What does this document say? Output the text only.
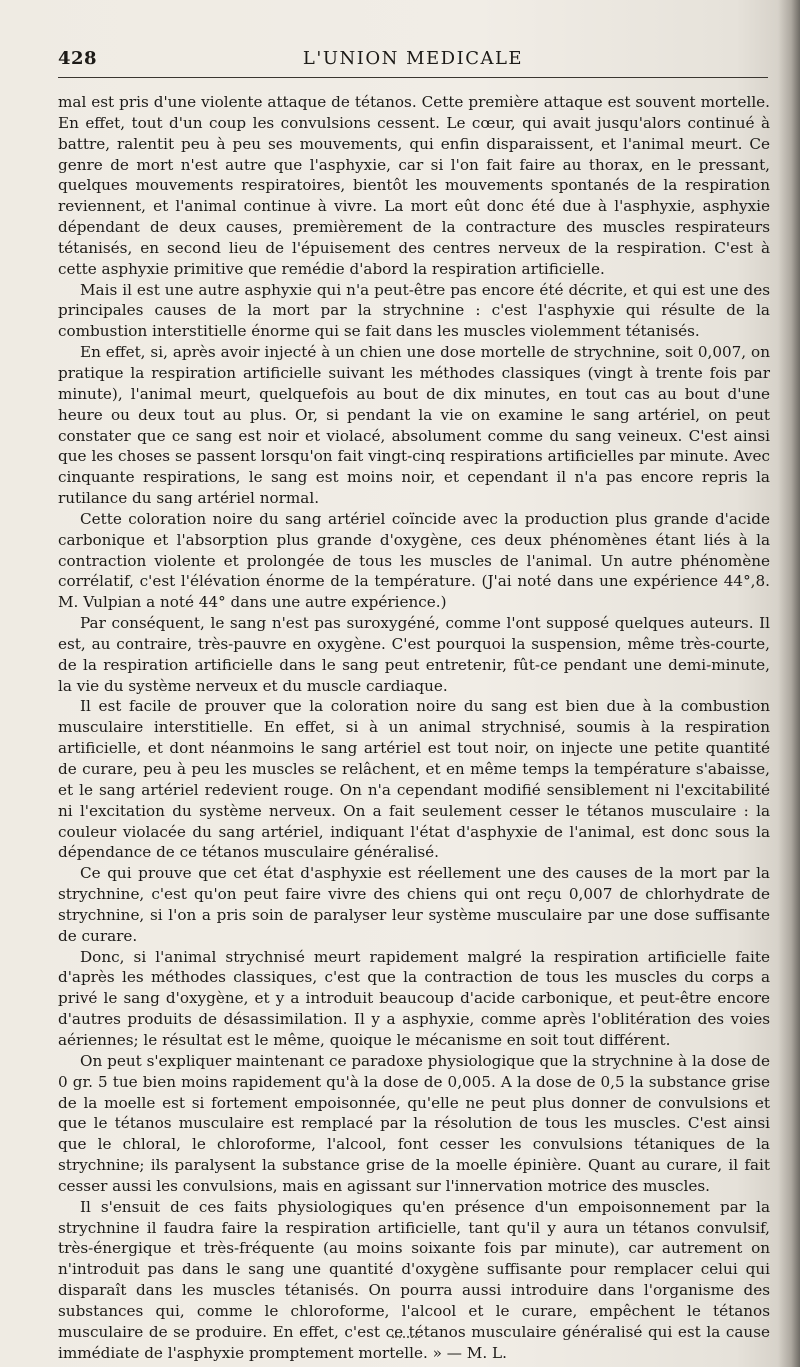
428	L'UNION MEDICALE

mal est pris d'une violente attaque de tétanos. Cette première attaque est souvent mortelle. En effet, tout d'un coup les convulsions cessent. Le cœur, qui avait jusqu'alors continué à battre, ralentit peu à peu ses mouvements, qui enfin disparaissent, et l'animal meurt. Ce genre de mort n'est autre que l'asphyxie, car si l'on fait faire au thorax, en le pressant, quelques mouvements respiratoires, bientôt les mouvements spontanés de la respiration reviennent, et l'animal continue à vivre. La mort eût donc été due à l'asphyxie, asphyxie dépendant de deux causes, premièrement de la contracture des muscles respirateurs tétanisés, en second lieu de l'épuisement des centres nerveux de la respiration. C'est à cette asphyxie primitive que remédie d'abord la respiration artificielle.

Mais il est une autre asphyxie qui n'a peut-être pas encore été décrite, et qui est une des principales causes de la mort par la strychnine : c'est l'asphyxie qui résulte de la combustion interstitielle énorme qui se fait dans les muscles violemment tétanisés.

En effet, si, après avoir injecté à un chien une dose mortelle de strychnine, soit 0,007, on pratique la respiration artificielle suivant les méthodes classiques (vingt à trente fois par minute), l'animal meurt, quelquefois au bout de dix minutes, en tout cas au bout d'une heure ou deux tout au plus. Or, si pendant la vie on examine le sang artériel, on peut constater que ce sang est noir et violacé, absolument comme du sang veineux. C'est ainsi que les choses se passent lorsqu'on fait vingt-cinq respirations artificielles par minute. Avec cinquante respirations, le sang est moins noir, et cependant il n'a pas encore repris la rutilance du sang artériel normal.

Cette coloration noire du sang artériel coïncide avec la production plus grande d'acide carbonique et l'absorption plus grande d'oxygène, ces deux phénomènes étant liés à la contraction violente et prolongée de tous les muscles de l'animal. Un autre phénomène corrélatif, c'est l'élévation énorme de la température. (J'ai noté dans une expérience 44°,8. M. Vulpian a noté 44° dans une autre expérience.)

Par conséquent, le sang n'est pas suroxygéné, comme l'ont supposé quelques auteurs. Il est, au contraire, très-pauvre en oxygène. C'est pourquoi la suspension, même très-courte, de la respiration artificielle dans le sang peut entretenir, fût-ce pendant une demi-minute, la vie du système nerveux et du muscle cardiaque.

Il est facile de prouver que la coloration noire du sang est bien due à la combustion musculaire interstitielle. En effet, si à un animal strychnisé, soumis à la respiration artificielle, et dont néanmoins le sang artériel est tout noir, on injecte une petite quantité de curare, peu à peu les muscles se relâchent, et en même temps la température s'abaisse, et le sang artériel redevient rouge. On n'a cependant modifié sensiblement ni l'excitabilité ni l'excitation du système nerveux. On a fait seulement cesser le tétanos musculaire : la couleur violacée du sang artériel, indiquant l'état d'asphyxie de l'animal, est donc sous la dépendance de ce tétanos musculaire généralisé.

Ce qui prouve que cet état d'asphyxie est réellement une des causes de la mort par la strychnine, c'est qu'on peut faire vivre des chiens qui ont reçu 0,007 de chlorhydrate de strychnine, si l'on a pris soin de paralyser leur système musculaire par une dose suffisante de curare.

Donc, si l'animal strychnisé meurt rapidement malgré la respiration artificielle faite d'après les méthodes classiques, c'est que la contraction de tous les muscles du corps a privé le sang d'oxygène, et y a introduit beaucoup d'acide carbonique, et peut-être encore d'autres produits de désassimilation. Il y a asphyxie, comme après l'oblitération des voies aériennes; le résultat est le même, quoique le mécanisme en soit tout différent.

On peut s'expliquer maintenant ce paradoxe physiologique que la strychnine à la dose de 0 gr. 5 tue bien moins rapidement qu'à la dose de 0,005. A la dose de 0,5 la substance grise de la moelle est si fortement empoisonnée, qu'elle ne peut plus donner de convulsions et que le tétanos musculaire est remplacé par la résolution de tous les muscles. C'est ainsi que le chloral, le chloroforme, l'alcool, font cesser les convulsions tétaniques de la strychnine; ils paralysent la substance grise de la moelle épinière. Quant au curare, il fait cesser aussi les convulsions, mais en agissant sur l'innervation motrice des muscles.

Il s'ensuit de ces faits physiologiques qu'en présence d'un empoisonnement par la strychnine il faudra faire la respiration artificielle, tant qu'il y aura un tétanos convulsif, très-énergique et très-fréquente (au moins soixante fois par minute), car autrement on n'introduit pas dans le sang une quantité d'oxygène suffisante pour remplacer celui qui disparaît dans les muscles tétanisés. On pourra aussi introduire dans l'organisme des substances qui, comme le chloroforme, l'alcool et le curare, empêchent le tétanos musculaire de se produire. En effet, c'est ce tétanos musculaire généralisé qui est la cause immédiate de l'asphyxie promptement mortelle. » — M. L.
